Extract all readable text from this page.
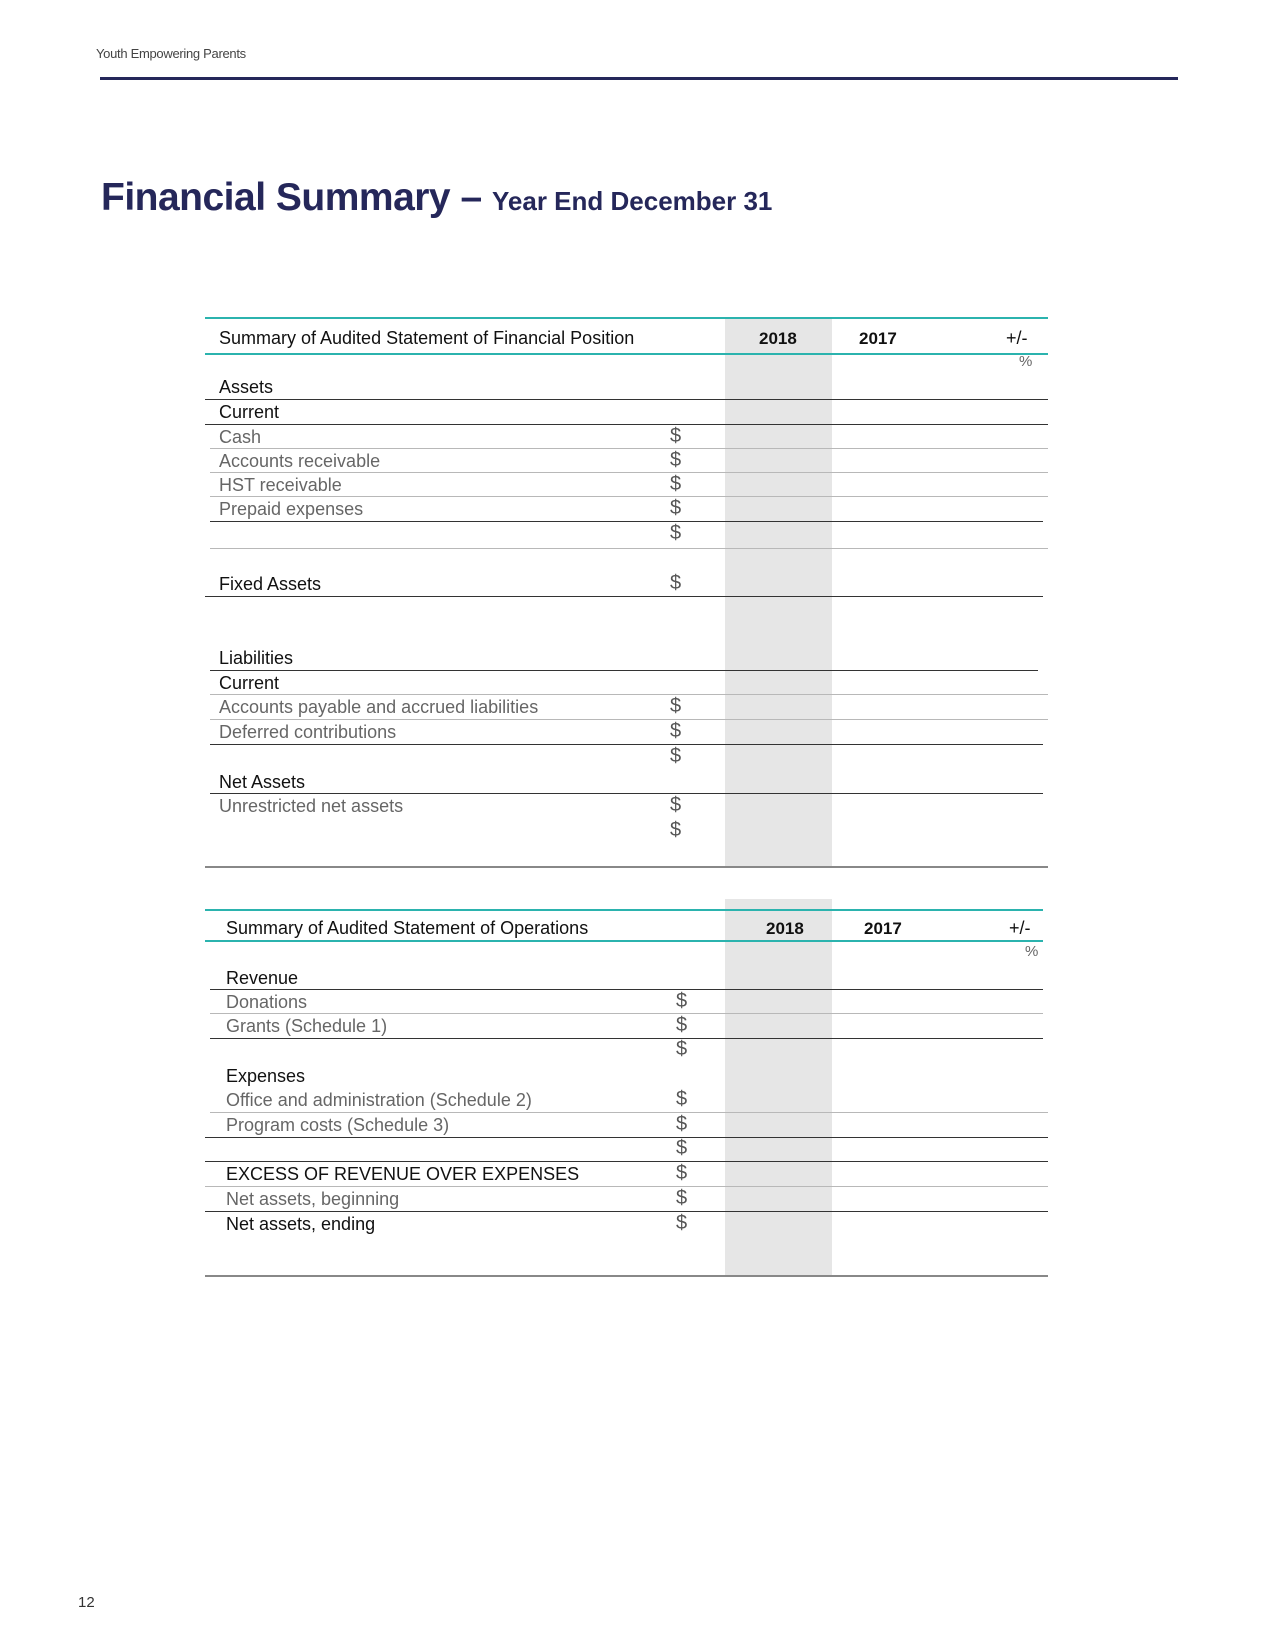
Youth Empowering Parents
Financial Summary – Year End December 31
Summary of Audited Statement of Financial Position	2018	2017	+/-
%
Assets
Current
Cash	$
Accounts receivable	$
HST receivable	$
Prepaid expenses	$
$
Fixed Assets	$
Liabilities
Current
Accounts payable and accrued liabilities	$
Deferred contributions	$
$
Net Assets
Unrestricted net assets	$
$
Summary of Audited Statement of Operations	2018	2017	+/-
%
Revenue
Donations	$
Grants (Schedule 1)	$
$
Expenses
Office and administration (Schedule 2)	$
Program costs (Schedule 3)	$
$
EXCESS OF REVENUE OVER EXPENSES	$
Net assets, beginning	$
Net assets, ending	$
12
